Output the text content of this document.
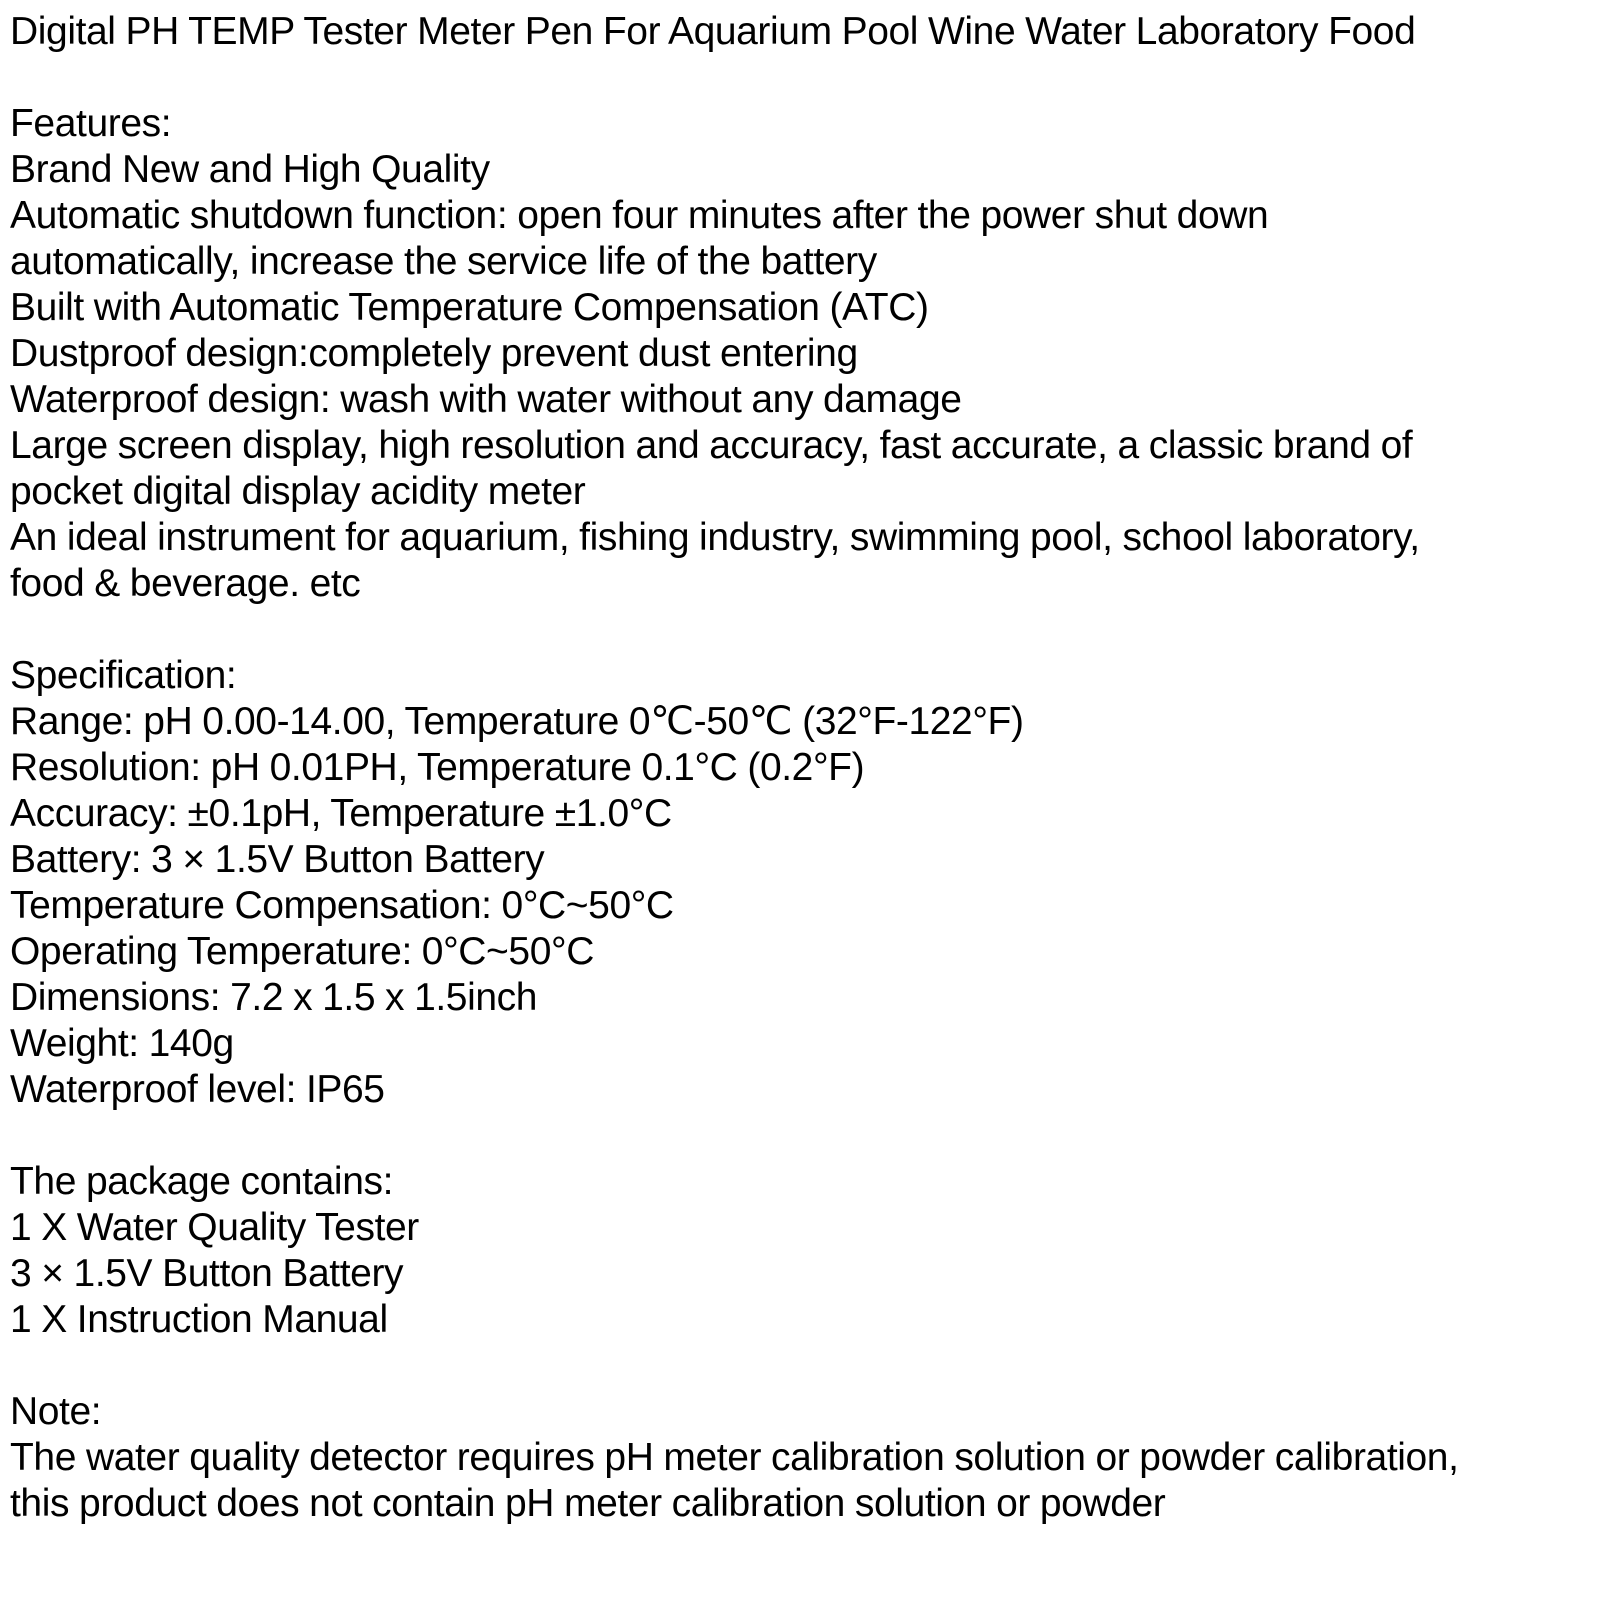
Digital PH TEMP Tester Meter Pen For Aquarium Pool Wine Water Laboratory Food
Features:
Brand New and High Quality
Automatic shutdown function: open four minutes after the power shut down
automatically, increase the service life of the battery
Built with Automatic Temperature Compensation (ATC)
Dustproof design:completely prevent dust entering
Waterproof design: wash with water without any damage
Large screen display, high resolution and accuracy, fast accurate, a classic brand of
pocket digital display acidity meter
An ideal instrument for aquarium, fishing industry, swimming pool, school laboratory,
food & beverage. etc
Specification:
Range: pH 0.00-14.00, Temperature 0℃-50℃ (32°F-122°F)
Resolution: pH 0.01PH, Temperature 0.1°C (0.2°F)
Accuracy: ±0.1pH, Temperature ±1.0°C
Battery: 3 × 1.5V Button Battery
Temperature Compensation: 0°C~50°C
Operating Temperature: 0°C~50°C
Dimensions: 7.2 x 1.5 x 1.5inch
Weight: 140g
Waterproof level: IP65
The package contains:
1 X Water Quality Tester
3 × 1.5V Button Battery
1 X Instruction Manual
Note:
The water quality detector requires pH meter calibration solution or powder calibration,
this product does not contain pH meter calibration solution or powder
